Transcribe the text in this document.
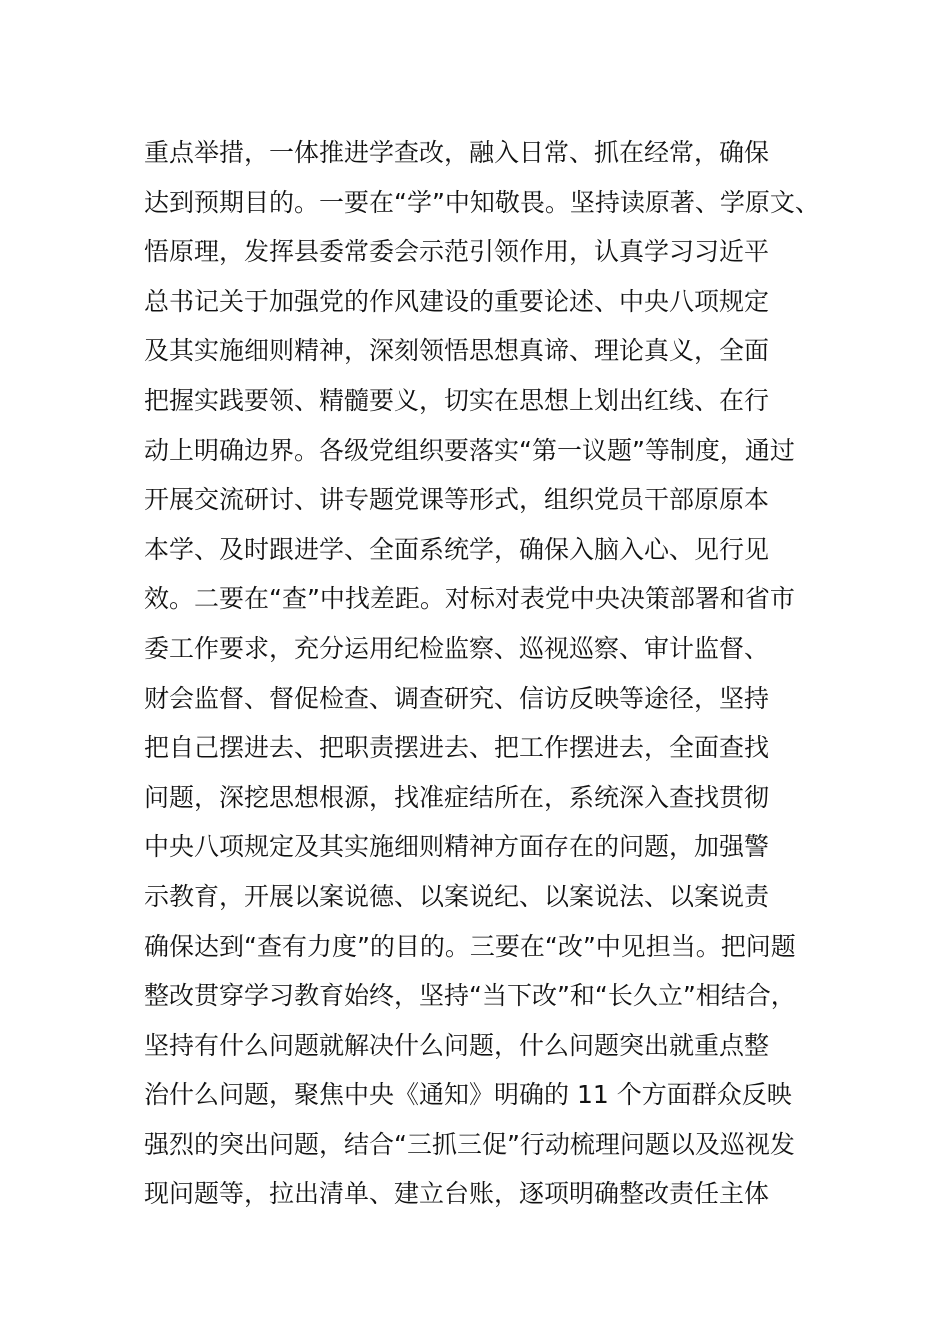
重点举措，一体推进学查改，融入日常、抓在经常，确保
达到预期目的。一要在“学”中知敬畏。坚持读原著、学原文、
悟原理，发挥县委常委会示范引领作用，认真学习习近平
总书记关于加强党的作风建设的重要论述、中央八项规定
及其实施细则精神，深刻领悟思想真谛、理论真义，全面
把握实践要领、精髓要义，切实在思想上划出红线、在行
动上明确边界。各级党组织要落实“第一议题”等制度，通过
开展交流研讨、讲专题党课等形式，组织党员干部原原本
本学、及时跟进学、全面系统学，确保入脑入心、见行见
效。二要在“查”中找差距。对标对表党中央决策部署和省市
委工作要求，充分运用纪检监察、巡视巡察、审计监督、
财会监督、督促检查、调查研究、信访反映等途径，坚持
把自己摆进去、把职责摆进去、把工作摆进去，全面查找
问题，深挖思想根源，找准症结所在，系统深入查找贯彻
中央八项规定及其实施细则精神方面存在的问题，加强警
示教育，开展以案说德、以案说纪、以案说法、以案说责
确保达到“查有力度”的目的。三要在“改”中见担当。把问题
整改贯穿学习教育始终，坚持“当下改”和“长久立”相结合，
坚持有什么问题就解决什么问题，什么问题突出就重点整
治什么问题，聚焦中央《通知》明确的 11 个方面群众反映
强烈的突出问题，结合“三抓三促”行动梳理问题以及巡视发
现问题等，拉出清单、建立台账，逐项明确整改责任主体
